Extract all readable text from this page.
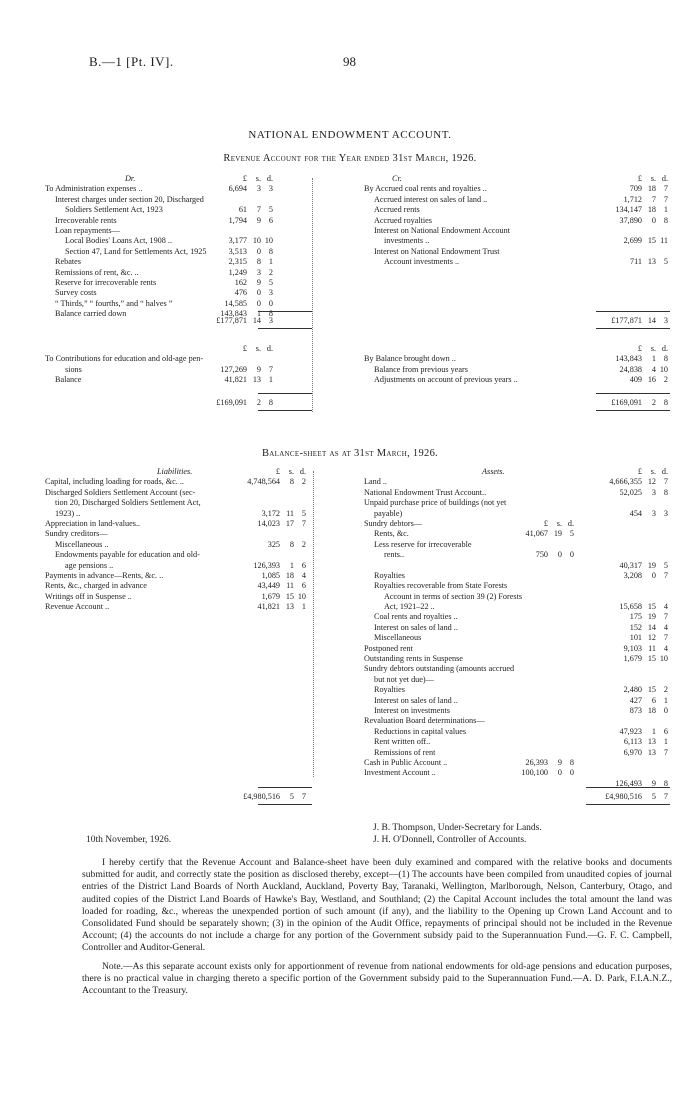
B.—1 [Pt. IV].	98
NATIONAL ENDOWMENT ACCOUNT.
Revenue Account for the Year ended 31st March, 1926.
Dr.	£	s. d.
To Administration expenses ..	6,694	3 3
Interest charges under section 20, Discharged
Soldiers Settlement Act, 1923	61	7 5
Irrecoverable rents	1,794	9 6
Loan repayments—
Local Bodies' Loans Act, 1908 ..	3,177 10 10
Section 47, Land for Settlements Act, 1925	3,513	0 8
Rebates	2,315	8 1
Remissions of rent, &c. ..	1,249	3 2
Reserve for irrecoverable rents	162	9 5
Survey costs	476	0 3
“ Thirds,” “ fourths,” and “ halves ”	14,585	0 0
Balance carried down	143,843	1 8
Cr.	£	s. d.
By Accrued coal rents and royalties ..	709 18 7
Accrued interest on sales of land ..	1,712	7 7
Accrued rents	134,147 18 1
Accrued royalties	37,890	0 8
Interest on National Endowment Account
investments ..	2,699 15 11
Interest on National Endowment Trust
Account investments ..	711 13 5
£177,871 14 3	£177,871 14 3
£	s. d.
To Contributions for education and old-age pen-
sions	127,269	9 7
Balance	41,821 13 1
£	s. d.
By Balance brought down ..	143,843	1 8
Balance from previous years	24,838	4 10
Adjustments on account of previous years ..	409 16 2
£169,091	2 8	£169,091	2 8
Balance-sheet as at 31st March, 1926.
Liabilities.	£	s. d.
Capital, including loading for roads, &c. ..	4,748,564	8 2
Discharged Soldiers Settlement Account (sec-
tion 20, Discharged Soldiers Settlement Act,
1923) ..	3,172 11 5
Appreciation in land-values..	14,023 17 7
Sundry creditors—
Miscellaneous ..	325	8 2
Endowments payable for education and old-
age pensions ..	126,393	1 6
Payments in advance—Rents, &c. ..	1,085 18 4
Rents, &c., charged in advance	43,449 11 6
Writings off in Suspense ..	1,679 15 10
Revenue Account ..	41,821 13 1
Assets.	£	s. d.
Land ..	4,666,355 12 7
National Endowment Trust Account..	52,025	3 8
Unpaid purchase price of buildings (not yet
payable)	454	3 3
Sundry debtors—	£	s. d.
Rents, &c.	41,067 19 5
Less reserve for irrecoverable
rents..	750	0 0
40,317 19 5
Royalties	3,208	0 7
Royalties recoverable from State Forests
Account in terms of section 39 (2) Forests
Act, 1921–22 ..	15,658 15 4
Coal rents and royalties ..	175 19 7
Interest on sales of land ..	152 14 4
Miscellaneous	101 12 7
Postponed rent	9,103 11 4
Outstanding rents in Suspense	1,679 15 10
Sundry debtors outstanding (amounts accrued
but not yet due)—
Royalties	2,480 15 2
Interest on sales of land ..	427	6 1
Interest on investments	873 18 0
Revaluation Board determinations—
Reductions in capital values	47,923	1 6
Rent written off..	6,113 13 1
Remissions of rent	6,970 13 7
Cash in Public Account ..	26,393	9 8
Investment Account ..	100,100	0 0
126,493	9 8
£4,980,516	5 7	£4,980,516	5 7
10th November, 1926.
J. B. Thompson, Under-Secretary for Lands.
J. H. O'Donnell, Controller of Accounts.

I hereby certify that the Revenue Account and Balance-sheet have been duly examined and compared with the relative books and documents submitted for audit, and correctly state the position as disclosed thereby, except—(1) The accounts have been compiled from unaudited copies of journal entries of the District Land Boards of North Auckland, Auckland, Poverty Bay, Taranaki, Wellington, Marlborough, Nelson, Canterbury, Otago, and audited copies of the District Land Boards of Hawke's Bay, Westland, and Southland; (2) the Capital Account includes the total amount the land was loaded for roading, &c., whereas the unexpended portion of such amount (if any), and the liability to the Opening up Crown Land Account and to Consolidated Fund should be separately shown; (3) in the opinion of the Audit Office, repayments of principal should not be included in the Revenue Account; (4) the accounts do not include a charge for any portion of the Government subsidy paid to the Superannuation Fund.—G. F. C. Campbell, Controller and Auditor-General.

Note.—As this separate account exists only for apportionment of revenue from national endowments for old-age pensions and education purposes, there is no practical value in charging thereto a specific portion of the Government subsidy paid to the Superannuation Fund.—A. D. Park, F.I.A.N.Z., Accountant to the Treasury.
